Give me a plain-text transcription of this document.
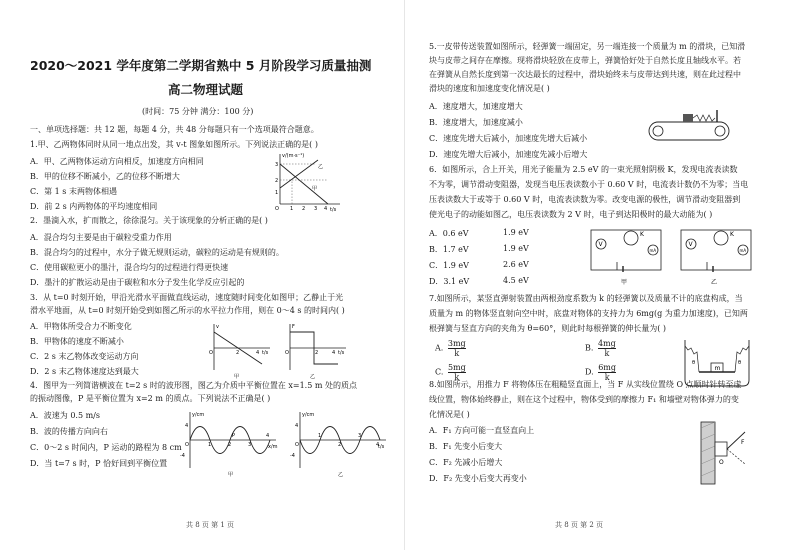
2020～2021 学年度第二学期省熟中 5 月阶段学习质量抽测
高二物理试题
(时间：75 分钟 满分：100 分)
一、单项选择题：共 12 题，每题 4 分，共 48 分每题只有一个选项最符合题意。
1.甲、乙两物体同时从同一地点出发，其 v-t 图象如图所示。下列说法正确的是( )
A．甲、乙两物体运动方向相反，加速度方向相同
B．甲的位移不断减小，乙的位移不断增大
C．第 1 s 末两物体相遇
D．前 2 s 内两物体的平均速度相同
v/(m·s⁻¹)
t/s
3
2
1
O 1 2 3 4
甲
乙
2．墨滴入水，扩而散之，徐徐混匀。关于该现象的分析正确的是( )
A．混合均匀主要是由于碳粒受重力作用
B．混合均匀的过程中，水分子做无规则运动，碳粒的运动是有规则的。
C．使用碳粒更小的墨汁，混合均匀的过程进行得更快速
D．墨汁的扩散运动是由于碳粒和水分子发生化学反应引起的
3．从 t=0 时刻开始，甲沿光滑水平面做直线运动，速度随时间变化如图甲；乙静止于光
滑水平地面，从 t=0 时刻开始受到如图乙所示的水平拉力作用，则在 0～4 s 的时间内( )
A．甲物体所受合力不断变化
B．甲物体的速度不断减小
C．2 s 末乙物体改变运动方向
D．2 s 末乙物体速度达到最大
v
t/s
O	2	4
甲
F
t/s
O	2	4
乙
4．图甲为一列简谐横波在 t=2 s 时的波形图，图乙为介质中平衡位置在 x=1.5 m 处的质点
的振动图像，P 是平衡位置为 x=2 m 的质点。下列说法不正确是( )
A．波速为 0.5 m/s
B．波的传播方向向右
C．0～2 s 时间内，P 运动的路程为 8 cm
D．当 t=7 s 时，P 恰好回到平衡位置
y/cm
x/m
4
-4
O	1	2	3
4
P
甲
y/cm
t/s
4
-4
O
1
2
3
4
乙
共 8 页 第 1 页
5.一皮带传送装置如图所示，轻弹簧一端固定，另一端连接一个质量为 m 的滑块，已知滑
块与皮带之间存在摩擦。现将滑块轻放在皮带上，弹簧恰好处于自然长度且轴线水平。若
在弹簧从自然长度到第一次达最长的过程中，滑块始终未与皮带达到共速，则在此过程中
滑块的速度和加速度变化情况是( )
A．速度增大，加速度增大
B．速度增大，加速度减小
C．速度先增大后减小，加速度先增大后减小
D．速度先增大后减小，加速度先减小后增大
6．如图所示，合上开关，用光子能量为 2.5 eV 的一束光照射阴极 K，发现电流表读数
不为零，调节滑动变阻器，发现当电压表读数小于 0.60 V 时，电流表计数仍不为零；当电
压表读数大于或等于 0.60 V 时，电流表读数为零。改变电源的极性，调节滑动变阻器到
使光电子的动能如图乙，电压表读数为 2 V 时，电子到达阳极时的最大动能为( )
A．0.6 eV	1.9 eV
B．1.7 eV	1.9 eV
C．1.9 eV	2.6 eV
D．3.1 eV	4.5 eV
V
K
mA
甲
V
K
mA
乙
7.如图所示，某竖直弹射装置由两根劲度系数为 k 的轻弹簧以及质量不计的底盘构成，当
质量为 m 的物体竖直射向空中时，底盘对物体的支持力为 6mg(g 为重力加速度)，已知两
根弹簧与竖直方向的夹角为 θ=60°，则此时每根弹簧的伸长量为( )
A. $\frac{3mg}{k}$	B. $\frac{4mg}{k}$
C. $\frac{5mg}{k}$	D. $\frac{6mg}{k}$	m
θ	θ
8.如图所示，用推力 F 将物体压在粗糙竖直面上，当 F 从实线位置绕 O 点顺时针转至虚
线位置，物体始终静止，则在这个过程中，物体受到的摩擦力 F₁ 和墙壁对物体弹力的变
化情况是( )
A．F₁ 方向可能一直竖直向上
B．F₁ 先变小后变大
C．F₂ 先减小后增大
D．F₂ 先变小后变大再变小
O
F
共 8 页 第 2 页
